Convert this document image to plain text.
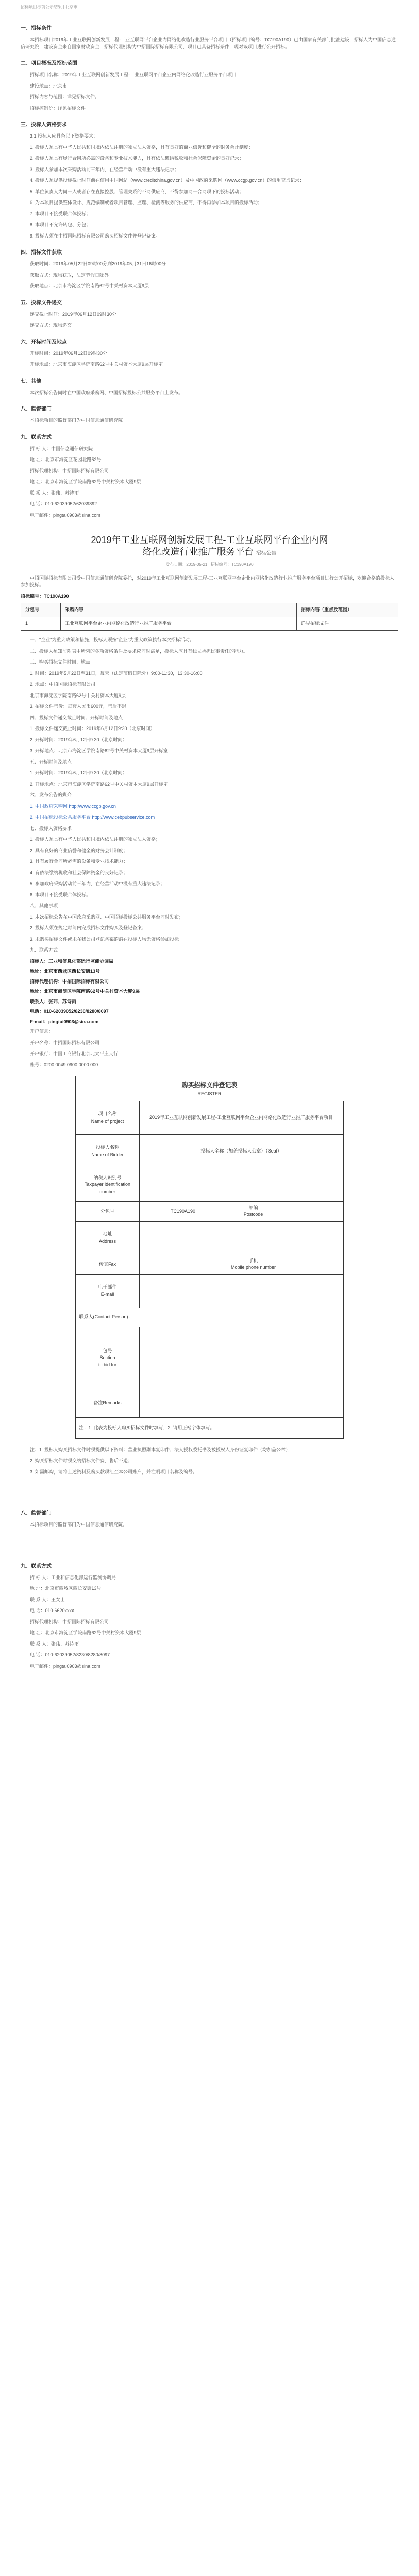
招标项目标前公示结果 | 北京市
一、招标条件

本招标项目2019年工业互联网创新发展工程-工业互联网平台企业内网络化改造行业服务平台项目（招标项目编号：TC190A190）已由国家有关部门批准建设，招标人为中国信息通信研究院，建设资金来自国家财政资金，招标代理机构为中招国际招标有限公司，项目已具备招标条件，现对该项目进行公开招标。

二、项目概况及招标范围

招标项目名称：2019年工业互联网创新发展工程-工业互联网平台企业内网络化改造行业服务平台项目

建设地点：北京市

招标内容与范围：详见招标文件。

招标控制价：详见招标文件。

三、投标人资格要求

3.1 投标人应具备以下资格要求：

1. 投标人须具有中华人民共和国境内依法注册的独立法人资格，具有良好的商业信誉和健全的财务会计制度；

2. 投标人须具有履行合同所必需的设备和专业技术能力，具有依法缴纳税收和社会保障资金的良好记录；

3. 投标人参加本次采购活动前三年内，在经营活动中没有重大违法记录；

4. 投标人须提供投标截止时间前在信用中国网站（www.creditchina.gov.cn）及中国政府采购网（www.ccgp.gov.cn）的信用查询记录；

5. 单位负责人为同一人或者存在直接控股、管理关系的不同供应商，不得参加同一合同项下的投标活动；

6. 为本项目提供整体设计、规范编制或者项目管理、监理、检测等服务的供应商，不得再参加本项目的投标活动；

7. 本项目不接受联合体投标；

8. 本项目不允许转包、分包；

9. 投标人须在中招国际招标有限公司购买招标文件并登记备案。

四、招标文件获取

获取时间：2019年05月22日09时00分到2019年05月31日16时00分

获取方式：现场获取，法定节假日除外

获取地点：北京市海淀区学院南路62号中关村资本大厦9层

五、投标文件递交

递交截止时间：2019年06月12日09时30分

递交方式：现场递交

六、开标时间及地点

开标时间：2019年06月12日09时30分

开标地点：北京市海淀区学院南路62号中关村资本大厦9层开标室

七、其他

本次招标公告同时在中国政府采购网、中国招标投标公共服务平台上发布。

八、监督部门

本招标项目的监督部门为中国信息通信研究院。

九、联系方式

招 标 人：中国信息通信研究院

地 址：北京市海淀区花园北路52号

招标代理机构：中招国际招标有限公司

地 址：北京市海淀区学院南路62号中关村资本大厦9层

联 系 人：张玮、苏诗雨

电 话：010-62039052/62039892

电子邮件：pingtai0903@sina.com

2019年工业互联网创新发展工程-工业互联网平台企业内网
络化改造行业推广服务平台 招标公告
发布日期：2019-05-21 | 招标编号：TC190A190

中招国际招标有限公司受中国信息通信研究院委托，对2019年工业互联网创新发展工程-工业互联网平台企业内网络化改造行业推广服务平台项目进行公开招标，欢迎合格的投标人参加投标。

招标编号：TC190A190

分包号	采购内容	招标内容（重点及范围）
1	工业互联网平台企业内网络化改造行业推广服务平台	详见招标文件

一、"企业"为重大政策和措施，投标人须按"企业"为重大政策执行本次招标活动。

二、投标人须知前附表中所列的各项资格条件及要求应同时满足，投标人应具有独立承担民事责任的能力。

三、购买招标文件时间、地点

1. 时间：2019年5月22日至31日，每天（法定节假日除外）9:00-11:30，13:30-16:00

2. 地点：中招国际招标有限公司

北京市海淀区学院南路62号中关村资本大厦9层

3. 招标文件售价：每套人民币600元，售后不退

四、投标文件递交截止时间、开标时间及地点

1. 投标文件递交截止时间：2019年6月12日9:30（北京时间）

2. 开标时间：2019年6月12日9:30（北京时间）

3. 开标地点：北京市海淀区学院南路62号中关村资本大厦9层开标室

五、开标时间及地点

1. 开标时间：2019年6月12日9:30（北京时间）

2. 开标地点：北京市海淀区学院南路62号中关村资本大厦9层开标室

六、发布公告的媒介

1. 中国政府采购网 http://www.ccgp.gov.cn

2. 中国招标投标公共服务平台 http://www.cebpubservice.com

七、投标人资格要求

1. 投标人须具有中华人民共和国境内依法注册的独立法人资格；

2. 具有良好的商业信誉和健全的财务会计制度；

3. 具有履行合同所必需的设备和专业技术能力；

4. 有依法缴纳税收和社会保障资金的良好记录；

5. 参加政府采购活动前三年内，在经营活动中没有重大违法记录；

6. 本项目不接受联合体投标。

八、其他事项

1. 本次招标公告在中国政府采购网、中国招标投标公共服务平台同时发布；

2. 投标人须在规定时间内完成招标文件购买及登记备案；

3. 未购买招标文件或未在我公司登记备案的潜在投标人均无资格参加投标。

九、联系方式

招标人：工业和信息化部运行监测协调局

地址：北京市西城区西长安街13号

招标代理机构：中招国际招标有限公司

地址：北京市海淀区学院南路62号中关村资本大厦9层

联系人：张玮、苏诗雨

电话：010-62039052/8230/8280/8097

E-mail：pingtai0903@sina.com

开户信息：

开户名称：中招国际招标有限公司

开户银行：中国工商银行北京北太平庄支行

账号：0200 0049 0900 0000 000

购买招标文件登记表
REGISTER
项目名称
Name of project	2019年工业互联网创新发展工程-工业互联网平台企业内网络化改造行业推广服务平台项目		
投标人名称
Name of Bidder	投标人全称（加盖投标人公章）（Seal）		
纳税人识别号
Taxpayer identification number			
分包号	TC190A190	邮编
Postcode	
地址
Address			
传真Fax		手机
Mobile phone number	
电子邮件
E-mail			
联系人(Contact Person)：			
包号
Section
to bid for			
备注Remarks			
注：1. 此表为投标人购买招标文件时填写，2. 请用正楷字体填写。			

注：1. 投标人购买招标文件时须提供以下资料：营业执照副本复印件、法人授权委托书及被授权人身份证复印件（均加盖公章）；

2. 购买招标文件时须交纳招标文件费，售后不退；

3. 如需邮购，请将上述资料及购买款项汇至本公司账户，并注明项目名称及编号。

八、监督部门

本招标项目的监督部门为中国信息通信研究院。

九、联系方式

招 标 人：工业和信息化部运行监测协调局

地 址：北京市西城区西长安街13号

联 系 人：王女士

电 话：010-6620xxxx

招标代理机构：中招国际招标有限公司

地 址：北京市海淀区学院南路62号中关村资本大厦9层

联 系 人：张玮、苏诗雨

电 话：010-62039052/8230/8280/8097

电子邮件：pingtai0903@sina.com
